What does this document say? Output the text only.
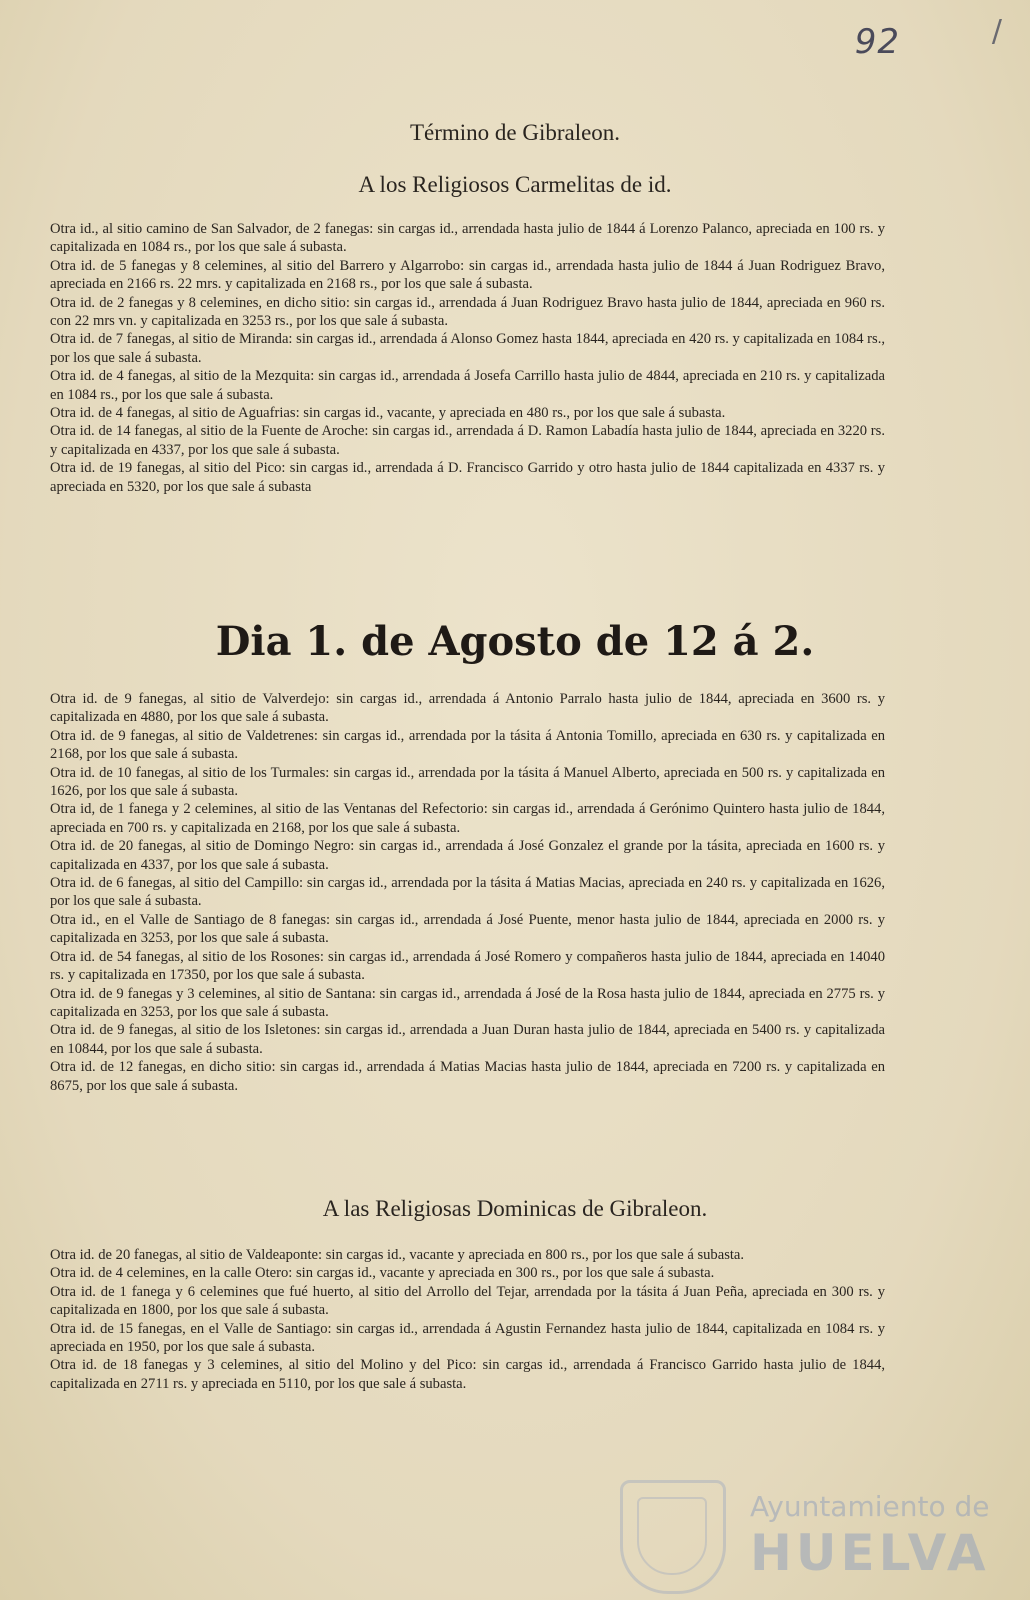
92	/
Término de Gibraleon.
A los Religiosos Carmelitas de id.

Otra id., al sitio camino de San Salvador, de 2 fanegas: sin cargas id., arrendada hasta julio de 1844 á Lorenzo Palanco, apreciada en 100 rs. y capitalizada en 1084 rs., por los que sale á subasta.

Otra id. de 5 fanegas y 8 celemines, al sitio del Barrero y Algarrobo: sin cargas id., arrendada hasta julio de 1844 á Juan Rodriguez Bravo, apreciada en 2166 rs. 22 mrs. y capitalizada en 2168 rs., por los que sale á subasta.

Otra id. de 2 fanegas y 8 celemines, en dicho sitio: sin cargas id., arrendada á Juan Rodriguez Bravo hasta julio de 1844, apreciada en 960 rs. con 22 mrs vn. y capitalizada en 3253 rs., por los que sale á subasta.

Otra id. de 7 fanegas, al sitio de Miranda: sin cargas id., arrendada á Alonso Gomez hasta 1844, apreciada en 420 rs. y capitalizada en 1084 rs., por los que sale á subasta.

Otra id. de 4 fanegas, al sitio de la Mezquita: sin cargas id., arrendada á Josefa Carrillo hasta julio de 4844, apreciada en 210 rs. y capitalizada en 1084 rs., por los que sale á subasta.

Otra id. de 4 fanegas, al sitio de Aguafrias: sin cargas id., vacante, y apreciada en 480 rs., por los que sale á subasta.

Otra id. de 14 fanegas, al sitio de la Fuente de Aroche: sin cargas id., arrendada á D. Ramon Labadía hasta julio de 1844, apreciada en 3220 rs. y capitalizada en 4337, por los que sale á subasta.

Otra id. de 19 fanegas, al sitio del Pico: sin cargas id., arrendada á D. Francisco Garrido y otro hasta julio de 1844 capitalizada en 4337 rs. y apreciada en 5320, por los que sale á subasta

Dia 1. de Agosto de 12 á 2.

Otra id. de 9 fanegas, al sitio de Valverdejo: sin cargas id., arrendada á Antonio Parralo hasta julio de 1844, apreciada en 3600 rs. y capitalizada en 4880, por los que sale á subasta.

Otra id. de 9 fanegas, al sitio de Valdetrenes: sin cargas id., arrendada por la tásita á Antonia Tomillo, apreciada en 630 rs. y capitalizada en 2168, por los que sale á subasta.

Otra id. de 10 fanegas, al sitio de los Turmales: sin cargas id., arrendada por la tásita á Manuel Alberto, apreciada en 500 rs. y capitalizada en 1626, por los que sale á subasta.

Otra id, de 1 fanega y 2 celemines, al sitio de las Ventanas del Refectorio: sin cargas id., arrendada á Gerónimo Quintero hasta julio de 1844, apreciada en 700 rs. y capitalizada en 2168, por los que sale á subasta.

Otra id. de 20 fanegas, al sitio de Domingo Negro: sin cargas id., arrendada á José Gonzalez el grande por la tásita, apreciada en 1600 rs. y capitalizada en 4337, por los que sale á subasta.

Otra id. de 6 fanegas, al sitio del Campillo: sin cargas id., arrendada por la tásita á Matias Macias, apreciada en 240 rs. y capitalizada en 1626, por los que sale á subasta.

Otra id., en el Valle de Santiago de 8 fanegas: sin cargas id., arrendada á José Puente, menor hasta julio de 1844, apreciada en 2000 rs. y capitalizada en 3253, por los que sale á subasta.

Otra id. de 54 fanegas, al sitio de los Rosones: sin cargas id., arrendada á José Romero y compañeros hasta julio de 1844, apreciada en 14040 rs. y capitalizada en 17350, por los que sale á subasta.

Otra id. de 9 fanegas y 3 celemines, al sitio de Santana: sin cargas id., arrendada á José de la Rosa hasta julio de 1844, apreciada en 2775 rs. y capitalizada en 3253, por los que sale á subasta.

Otra id. de 9 fanegas, al sitio de los Isletones: sin cargas id., arrendada a Juan Duran hasta julio de 1844, apreciada en 5400 rs. y capitalizada en 10844, por los que sale á subasta.

Otra id. de 12 fanegas, en dicho sitio: sin cargas id., arrendada á Matias Macias hasta julio de 1844, apreciada en 7200 rs. y capitalizada en 8675, por los que sale á subasta.

A las Religiosas Dominicas de Gibraleon.

Otra id. de 20 fanegas, al sitio de Valdeaponte: sin cargas id., vacante y apreciada en 800 rs., por los que sale á subasta.

Otra id. de 4 celemines, en la calle Otero: sin cargas id., vacante y apreciada en 300 rs., por los que sale á subasta.

Otra id. de 1 fanega y 6 celemines que fué huerto, al sitio del Arrollo del Tejar, arrendada por la tásita á Juan Peña, apreciada en 300 rs. y capitalizada en 1800, por los que sale á subasta.

Otra id. de 15 fanegas, en el Valle de Santiago: sin cargas id., arrendada á Agustin Fernandez hasta julio de 1844, capitalizada en 1084 rs. y apreciada en 1950, por los que sale á subasta.

Otra id. de 18 fanegas y 3 celemines, al sitio del Molino y del Pico: sin cargas id., arrendada á Francisco Garrido hasta julio de 1844, capitalizada en 2711 rs. y apreciada en 5110, por los que sale á subasta.

Ayuntamiento de
HUELVA
